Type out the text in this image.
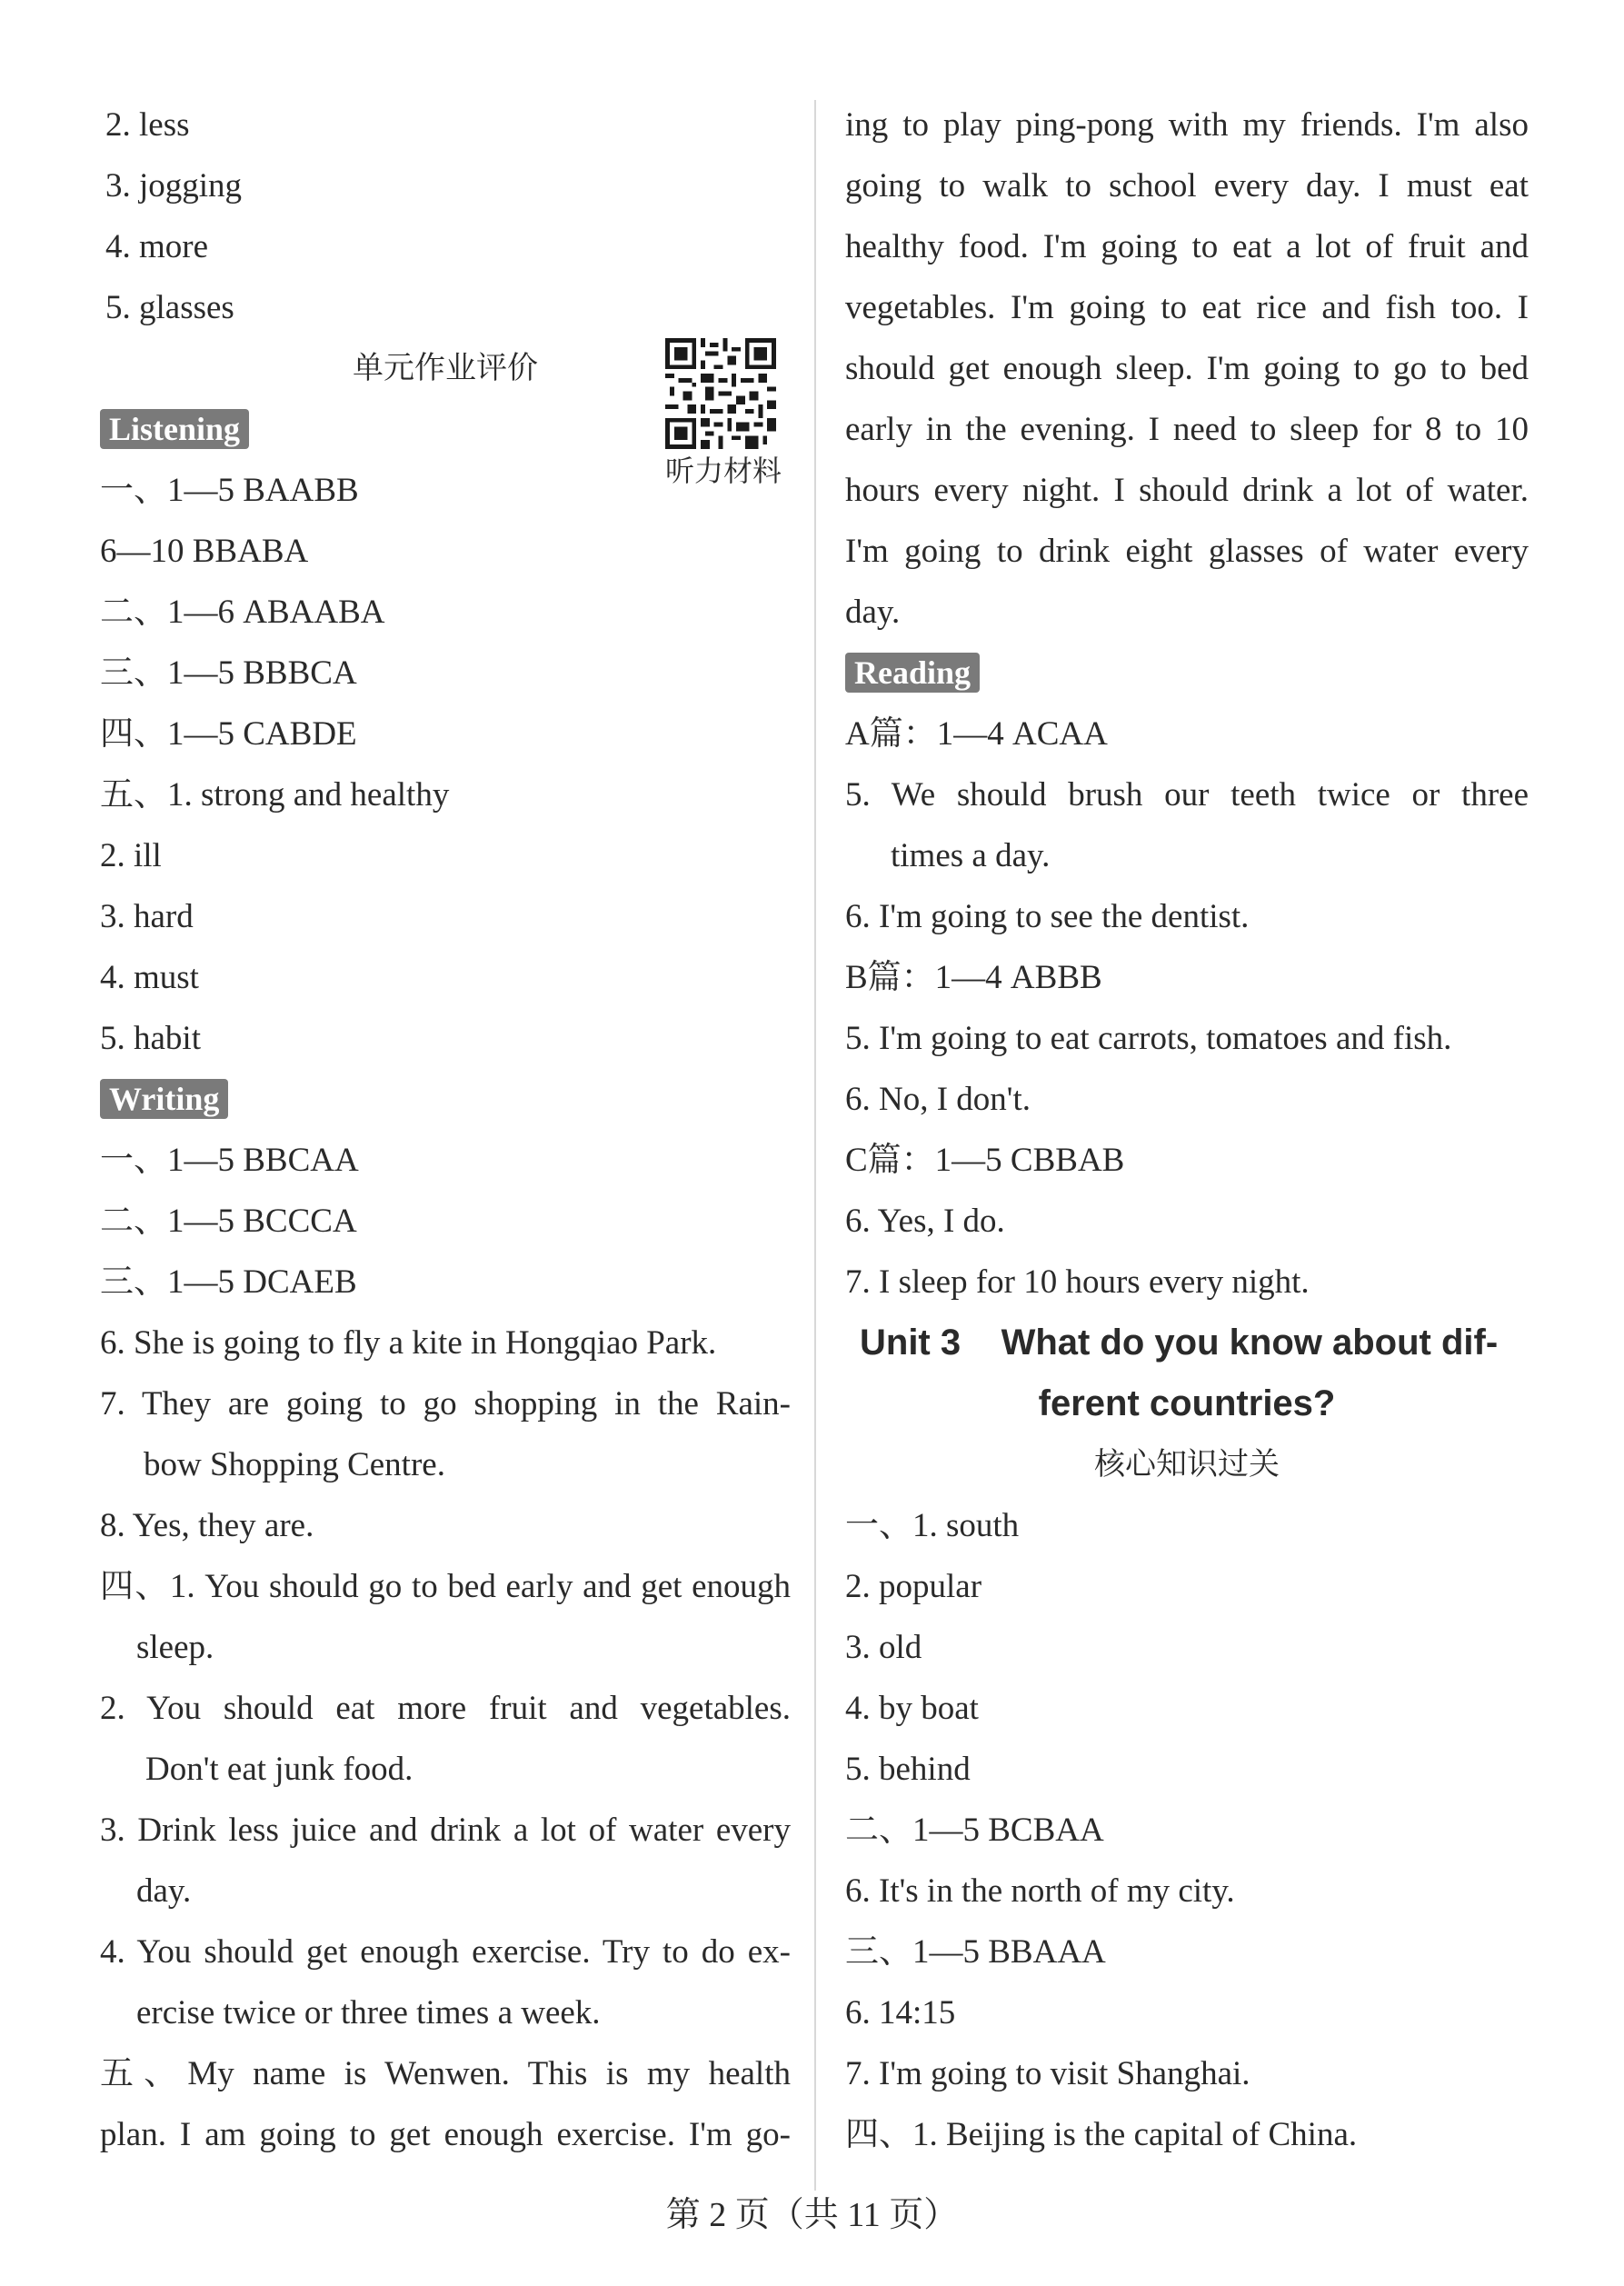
2. less
3. jogging
4. more
5. glasses
单元作业评价
Listening
一、1—5 BAABB
6—10 BBABA
二、1—6 ABAABA
三、1—5 BBBCA
四、1—5 CABDE
五、1. strong and healthy
2. ill
3. hard
4. must
5. habit
Writing
一、1—5 BBCAA
二、1—5 BCCCA
三、1—5 DCAEB
6. She is going to fly a kite in Hongqiao Park.
7. They are going to go shopping in the Rain-
bow Shopping Centre.
8. Yes, they are.
四、1. You should go to bed early and get enough
sleep.
2. You should eat more fruit and vegetables.
Don't eat junk food.
3. Drink less juice and drink a lot of water every
day.
4. You should get enough exercise. Try to do ex-
ercise twice or three times a week.
五、My name is Wenwen. This is my health
plan. I am going to get enough exercise. I'm go-
听力材料
ing to play ping-pong with my friends. I'm also
going to walk to school every day. I must eat
healthy food. I'm going to eat a lot of fruit and
vegetables. I'm going to eat rice and fish too. I
should get enough sleep. I'm going to go to bed
early in the evening. I need to sleep for 8 to 10
hours every night. I should drink a lot of water.
I'm going to drink eight glasses of water every
day.
Reading
A篇：1—4 ACAA
5. We should brush our teeth twice or three
times a day.
6. I'm going to see the dentist.
B篇：1—4 ABBB
5. I'm going to eat carrots, tomatoes and fish.
6. No, I don't.
C篇：1—5 CBBAB
6. Yes, I do.
7. I sleep for 10 hours every night.
Unit 3    What do you know about dif-
ferent countries?
核心知识过关
一、1. south
2. popular
3. old
4. by boat
5. behind
二、1—5 BCBAA
6. It's in the north of my city.
三、1—5 BBAAA
6. 14:15
7. I'm going to visit Shanghai.
四、1. Beijing is the capital of China.
第 2 页（共 11 页）
